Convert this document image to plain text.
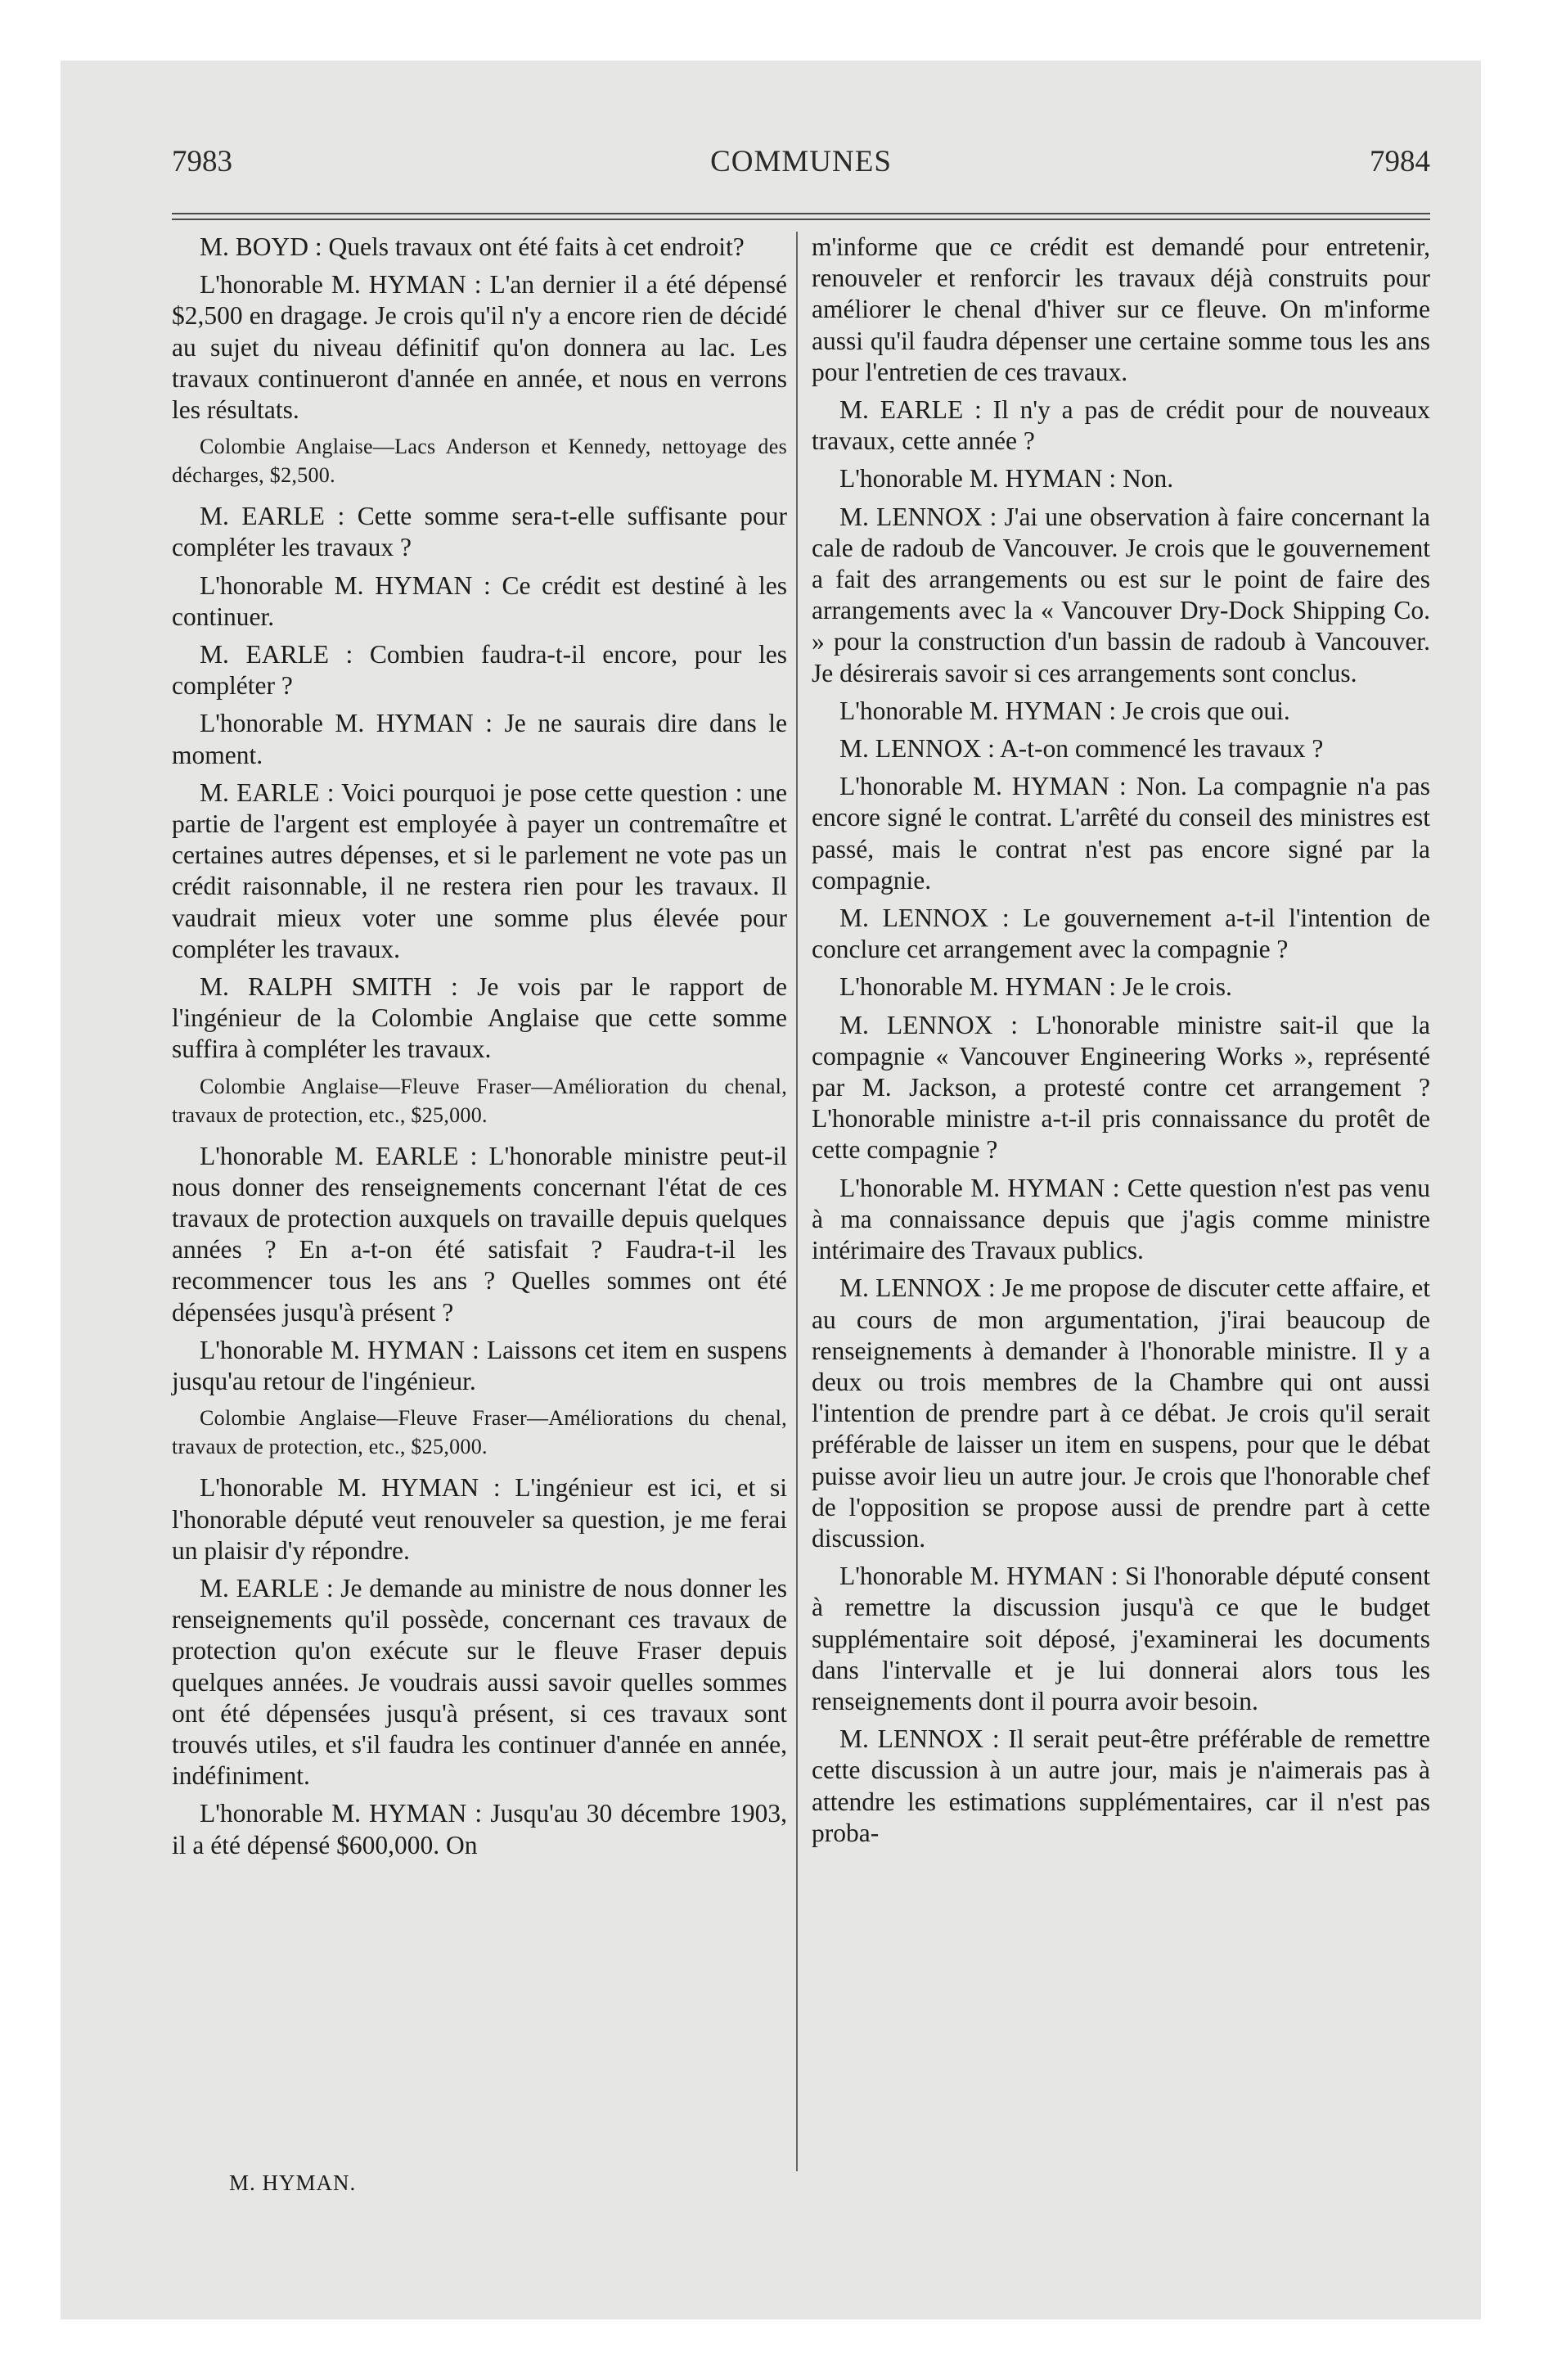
7983	COMMUNES	7984
M. BOYD : Quels travaux ont été faits à cet endroit?
L'honorable M. HYMAN : L'an dernier il a été dépensé $2,500 en dragage. Je crois qu'il n'y a encore rien de décidé au sujet du niveau définitif qu'on donnera au lac. Les travaux continueront d'année en année, et nous en verrons les résultats.
Colombie Anglaise—Lacs Anderson et Kennedy, nettoyage des décharges, $2,500.
M. EARLE : Cette somme sera-t-elle suffisante pour compléter les travaux ?
L'honorable M. HYMAN : Ce crédit est destiné à les continuer.
M. EARLE : Combien faudra-t-il encore, pour les compléter ?
L'honorable M. HYMAN : Je ne saurais dire dans le moment.
M. EARLE : Voici pourquoi je pose cette question : une partie de l'argent est employée à payer un contremaître et certaines autres dépenses, et si le parlement ne vote pas un crédit raisonnable, il ne restera rien pour les travaux. Il vaudrait mieux voter une somme plus élevée pour compléter les travaux.
M. RALPH SMITH : Je vois par le rapport de l'ingénieur de la Colombie Anglaise que cette somme suffira à compléter les travaux.
Colombie Anglaise—Fleuve Fraser—Amélioration du chenal, travaux de protection, etc., $25,000.
L'honorable M. EARLE : L'honorable ministre peut-il nous donner des renseignements concernant l'état de ces travaux de protection auxquels on travaille depuis quelques années ? En a-t-on été satisfait ? Faudra-t-il les recommencer tous les ans ? Quelles sommes ont été dépensées jusqu'à présent ?
L'honorable M. HYMAN : Laissons cet item en suspens jusqu'au retour de l'ingénieur.
Colombie Anglaise—Fleuve Fraser—Améliorations du chenal, travaux de protection, etc., $25,000.
L'honorable M. HYMAN : L'ingénieur est ici, et si l'honorable député veut renouveler sa question, je me ferai un plaisir d'y répondre.
M. EARLE : Je demande au ministre de nous donner les renseignements qu'il possède, concernant ces travaux de protection qu'on exécute sur le fleuve Fraser depuis quelques années. Je voudrais aussi savoir quelles sommes ont été dépensées jusqu'à présent, si ces travaux sont trouvés utiles, et s'il faudra les continuer d'année en année, indéfiniment.
L'honorable M. HYMAN : Jusqu'au 30 décembre 1903, il a été dépensé $600,000. On
m'informe que ce crédit est demandé pour entretenir, renouveler et renforcir les travaux déjà construits pour améliorer le chenal d'hiver sur ce fleuve. On m'informe aussi qu'il faudra dépenser une certaine somme tous les ans pour l'entretien de ces travaux.
M. EARLE : Il n'y a pas de crédit pour de nouveaux travaux, cette année ?
L'honorable M. HYMAN : Non.
M. LENNOX : J'ai une observation à faire concernant la cale de radoub de Vancouver. Je crois que le gouvernement a fait des arrangements ou est sur le point de faire des arrangements avec la « Vancouver Dry-Dock Shipping Co. » pour la construction d'un bassin de radoub à Vancouver. Je désirerais savoir si ces arrangements sont conclus.
L'honorable M. HYMAN : Je crois que oui.
M. LENNOX : A-t-on commencé les travaux ?
L'honorable M. HYMAN : Non. La compagnie n'a pas encore signé le contrat. L'arrêté du conseil des ministres est passé, mais le contrat n'est pas encore signé par la compagnie.
M. LENNOX : Le gouvernement a-t-il l'intention de conclure cet arrangement avec la compagnie ?
L'honorable M. HYMAN : Je le crois.
M. LENNOX : L'honorable ministre sait-il que la compagnie « Vancouver Engineering Works », représenté par M. Jackson, a protesté contre cet arrangement ? L'honorable ministre a-t-il pris connaissance du protêt de cette compagnie ?
L'honorable M. HYMAN : Cette question n'est pas venu à ma connaissance depuis que j'agis comme ministre intérimaire des Travaux publics.
M. LENNOX : Je me propose de discuter cette affaire, et au cours de mon argumentation, j'irai beaucoup de renseignements à demander à l'honorable ministre. Il y a deux ou trois membres de la Chambre qui ont aussi l'intention de prendre part à ce débat. Je crois qu'il serait préférable de laisser un item en suspens, pour que le débat puisse avoir lieu un autre jour. Je crois que l'honorable chef de l'opposition se propose aussi de prendre part à cette discussion.
L'honorable M. HYMAN : Si l'honorable député consent à remettre la discussion jusqu'à ce que le budget supplémentaire soit déposé, j'examinerai les documents dans l'intervalle et je lui donnerai alors tous les renseignements dont il pourra avoir besoin.
M. LENNOX : Il serait peut-être préférable de remettre cette discussion à un autre jour, mais je n'aimerais pas à attendre les estimations supplémentaires, car il n'est pas proba-
M. HYMAN.
